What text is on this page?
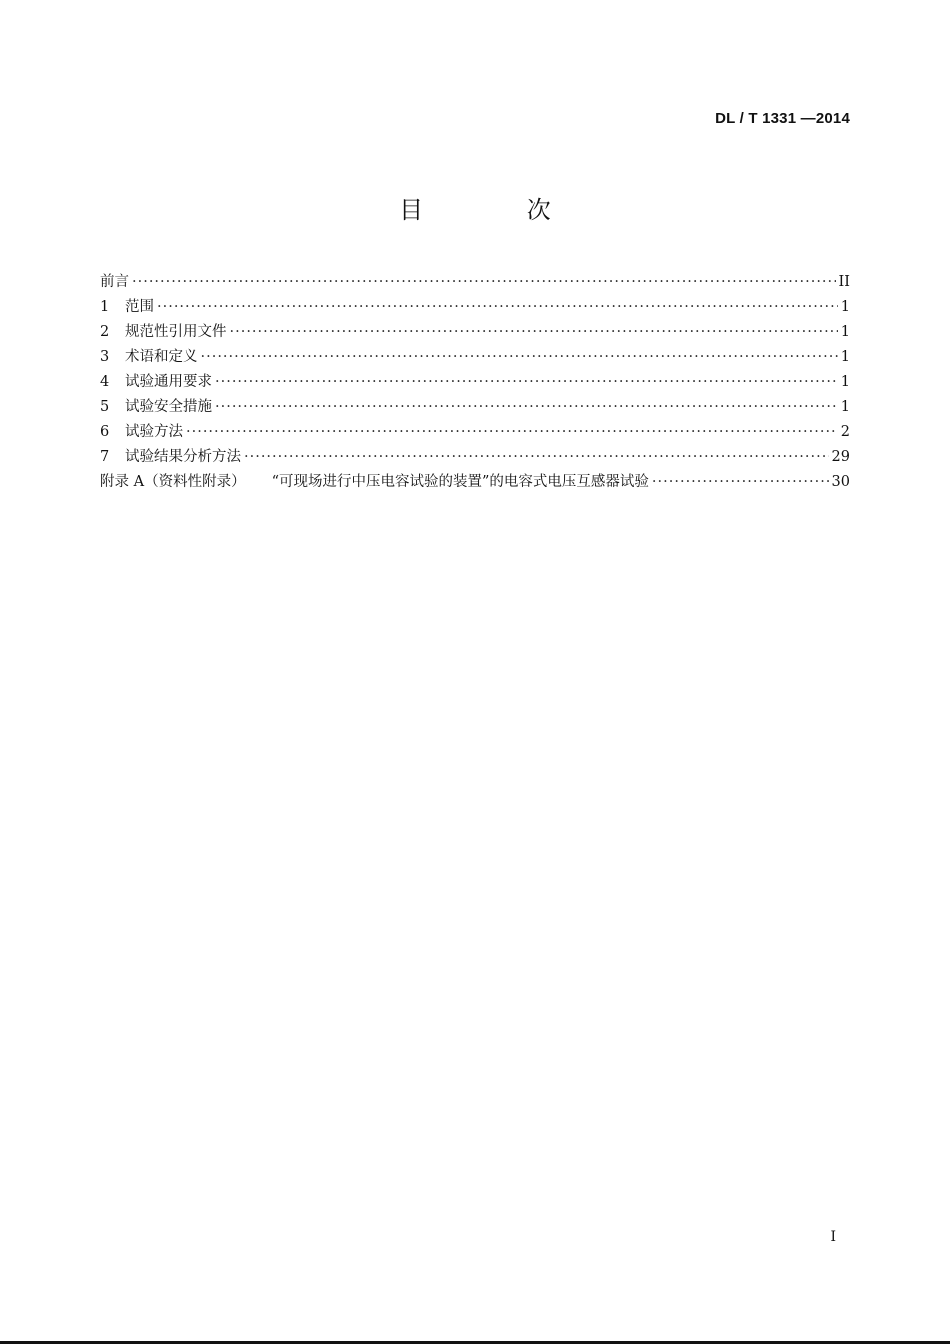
DL / T 1331 —2014
目 次
前言 ·····	II
1	范围 ·····	1
2	规范性引用文件 ·····	1
3	术语和定义 ·····	1
4	试验通用要求 ·····	1
5	试验安全措施 ·····	1
6	试验方法 ·····	2
7	试验结果分析方法 ·····	29
附录 A（资料性附录） “可现场进行中压电容试验的装置”的电容式电压互感器试验 ·····	30
I
